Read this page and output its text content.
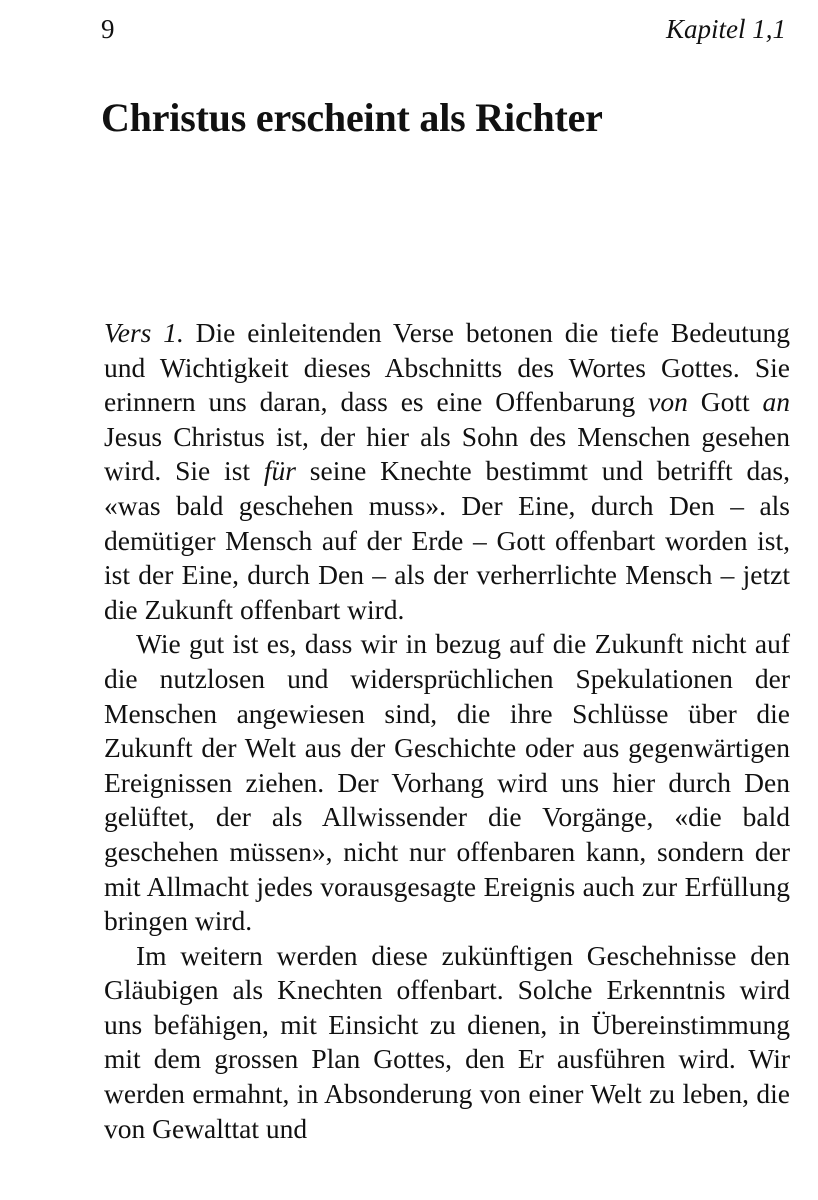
9	Kapitel 1,1
Christus erscheint als Richter

Vers 1. Die einleitenden Verse betonen die tiefe Bedeutung und Wichtigkeit dieses Abschnitts des Wortes Gottes. Sie erinnern uns daran, dass es eine Offenbarung von Gott an Jesus Christus ist, der hier als Sohn des Menschen gesehen wird. Sie ist für seine Knechte bestimmt und betrifft das, «was bald geschehen muss». Der Eine, durch Den – als demütiger Mensch auf der Erde – Gott offenbart worden ist, ist der Eine, durch Den – als der verherrlichte Mensch – jetzt die Zukunft offenbart wird.

Wie gut ist es, dass wir in bezug auf die Zukunft nicht auf die nutzlosen und widersprüchlichen Spekulationen der Menschen angewiesen sind, die ihre Schlüsse über die Zukunft der Welt aus der Geschichte oder aus gegenwärtigen Ereignissen ziehen. Der Vorhang wird uns hier durch Den gelüftet, der als Allwissender die Vorgänge, «die bald geschehen müssen», nicht nur offenbaren kann, sondern der mit Allmacht jedes vorausgesagte Ereignis auch zur Erfüllung bringen wird.

Im weitern werden diese zukünftigen Geschehnisse den Gläubigen als Knechten offenbart. Solche Erkenntnis wird uns befähigen, mit Einsicht zu dienen, in Übereinstimmung mit dem grossen Plan Gottes, den Er ausführen wird. Wir werden ermahnt, in Absonderung von einer Welt zu leben, die von Gewalttat und
